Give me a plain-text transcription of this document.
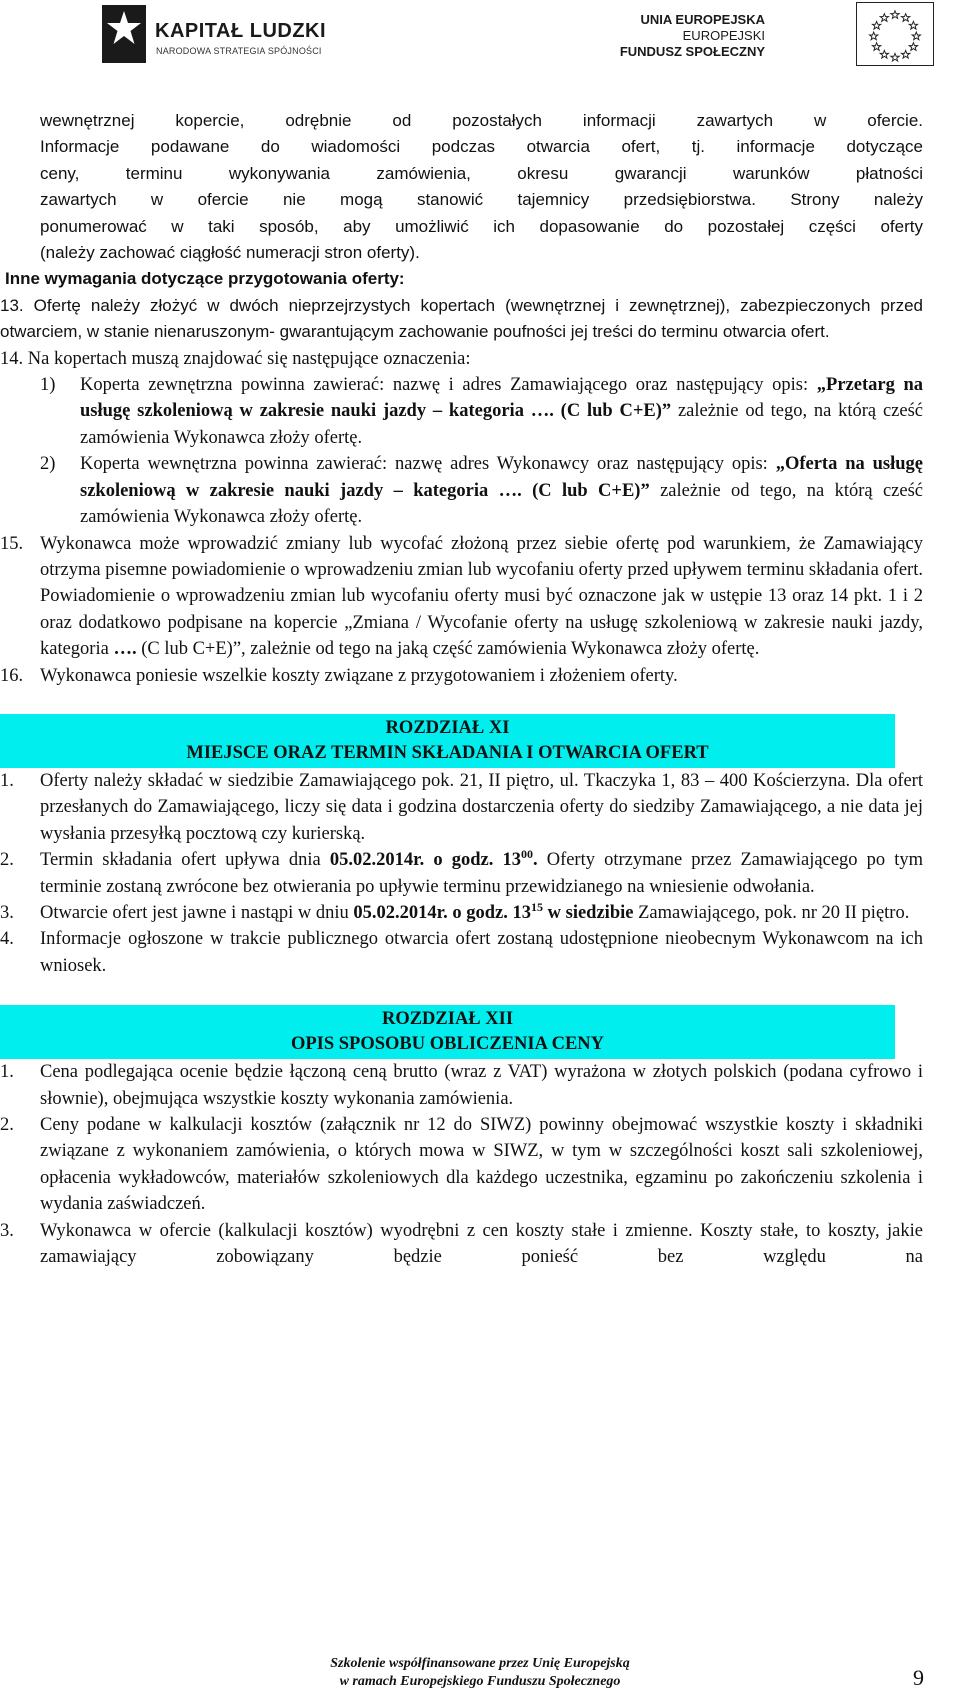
KAPITAŁ LUDZKI
NARODOWA STRATEGIA SPÓJNOŚCI
UNIA EUROPEJSKA
EUROPEJSKI
FUNDUSZ SPOŁECZNY

wewnętrznej kopercie, odrębnie od pozostałych informacji zawartych w ofercie.

Informacje podawane do wiadomości podczas otwarcia ofert, tj. informacje dotyczące

ceny, terminu wykonywania zamówienia, okresu gwarancji warunków płatności

zawartych w ofercie nie mogą stanowić tajemnicy przedsiębiorstwa. Strony należy

ponumerować w taki sposób, aby umożliwić ich dopasowanie do pozostałej części oferty

(należy zachować ciągłość numeracji stron oferty).

Inne wymagania dotyczące przygotowania oferty:

13. Ofertę należy złożyć w dwóch nieprzejrzystych kopertach (wewnętrznej i zewnętrznej), zabezpieczonych przed otwarciem, w stanie nienaruszonym- gwarantującym zachowanie poufności jej treści do terminu otwarcia ofert.

14. Na kopertach muszą znajdować się następujące oznaczenia:

1) Koperta zewnętrzna powinna zawierać: nazwę i adres Zamawiającego oraz następujący opis: „Przetarg na usługę szkoleniową w zakresie nauki jazdy – kategoria …. (C lub C+E)” zależnie od tego, na którą cześć zamówienia Wykonawca złoży ofertę.

2) Koperta wewnętrzna powinna zawierać: nazwę adres Wykonawcy oraz następujący opis: „Oferta na usługę szkoleniową w zakresie nauki jazdy – kategoria …. (C lub C+E)” zależnie od tego, na którą cześć zamówienia Wykonawca złoży ofertę.

15. Wykonawca może wprowadzić zmiany lub wycofać złożoną przez siebie ofertę pod warunkiem, że Zamawiający otrzyma pisemne powiadomienie o wprowadzeniu zmian lub wycofaniu oferty przed upływem terminu składania ofert. Powiadomienie o wprowadzeniu zmian lub wycofaniu oferty musi być oznaczone jak w ustępie 13 oraz 14 pkt. 1 i 2 oraz dodatkowo podpisane na kopercie „Zmiana / Wycofanie oferty na usługę szkoleniową w zakresie nauki jazdy, kategoria …. (C lub C+E)”, zależnie od tego na jaką część zamówienia Wykonawca złoży ofertę.

16. Wykonawca poniesie wszelkie koszty związane z przygotowaniem i złożeniem oferty.

ROZDZIAŁ XI
MIEJSCE ORAZ TERMIN SKŁADANIA I OTWARCIA OFERT
1. Oferty należy składać w siedzibie Zamawiającego pok. 21, II piętro, ul. Tkaczyka 1, 83 – 400 Kościerzyna. Dla ofert przesłanych do Zamawiającego, liczy się data i godzina dostarczenia oferty do siedziby Zamawiającego, a nie data jej wysłania przesyłką pocztową czy kurierską.

2. Termin składania ofert upływa dnia 05.02.2014r. o godz. $13^{00}$. Oferty otrzymane przez Zamawiającego po tym terminie zostaną zwrócone bez otwierania po upływie terminu przewidzianego na wniesienie odwołania.

3. Otwarcie ofert jest jawne i nastąpi w dniu 05.02.2014r. o godz. $13^{15}$ w siedzibie Zamawiającego, pok. nr 20 II piętro.

4. Informacje ogłoszone w trakcie publicznego otwarcia ofert zostaną udostępnione nieobecnym Wykonawcom na ich wniosek.

ROZDZIAŁ XII
OPIS SPOSOBU OBLICZENIA CENY
1. Cena podlegająca ocenie będzie łączoną ceną brutto (wraz z VAT) wyrażona w złotych polskich (podana cyfrowo i słownie), obejmująca wszystkie koszty wykonania zamówienia.

2. Ceny podane w kalkulacji kosztów (załącznik nr 12 do SIWZ) powinny obejmować wszystkie koszty i składniki związane z wykonaniem zamówienia, o których mowa w SIWZ, w tym w szczególności koszt sali szkoleniowej, opłacenia wykładowców, materiałów szkoleniowych dla każdego uczestnika, egzaminu po zakończeniu szkolenia i wydania zaświadczeń.

3. Wykonawca w ofercie (kalkulacji kosztów) wyodrębni z cen koszty stałe i zmienne. Koszty stałe, to koszty, jakie zamawiający zobowiązany będzie ponieść bez względu na

Szkolenie współfinansowane przez Unię Europejską
w ramach Europejskiego Funduszu Społecznego	9
